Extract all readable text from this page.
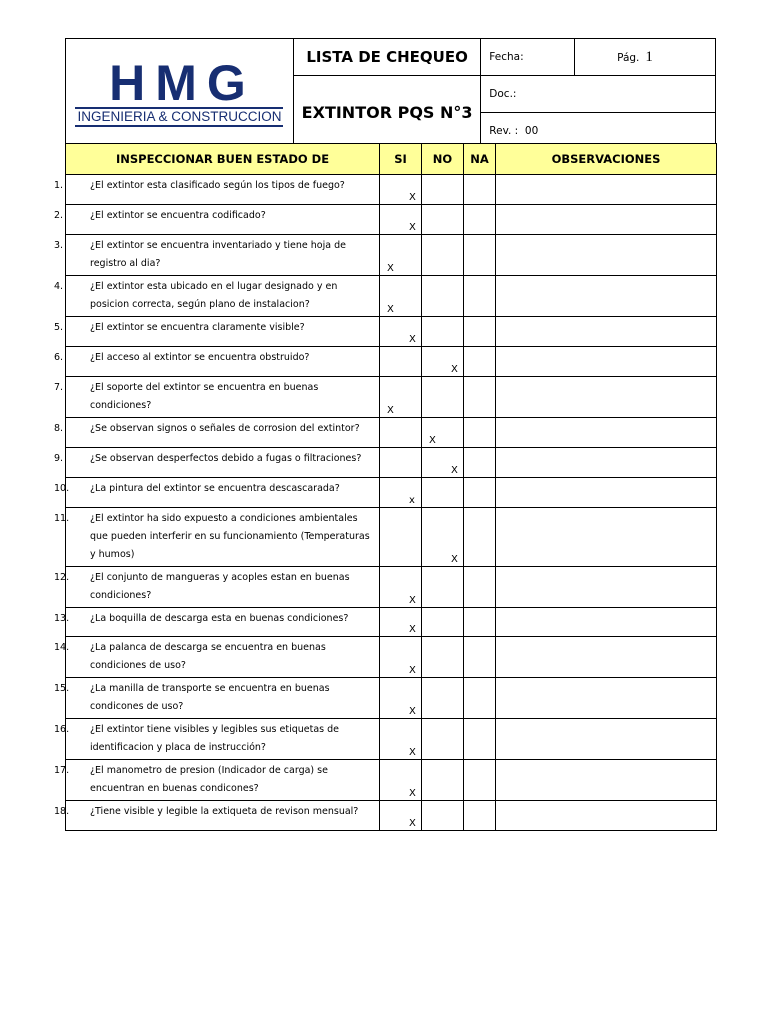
HMG
INGENIERIA & CONSTRUCCION	LISTA DE CHEQUEO	Fecha:	Pág. 1
	EXTINTOR PQS N°3	Doc.:	
		Rev. : 00	
INSPECCIONAR BUEN ESTADO DE	SI	NO	NA	OBSERVACIONES

1. ¿El extintor esta clasificado según los tipos de fuego?	X			

2. ¿El extintor se encuentra codificado?	X			

3. ¿El extintor se encuentra inventariado y tiene hoja de registro al dia?	X			

4. ¿El extintor esta ubicado en el lugar designado y en posicion correcta, según plano de instalacion?	X			

5. ¿El extintor se encuentra claramente visible?	X			

6. ¿El acceso al extintor se encuentra obstruido?		X		

7. ¿El soporte del extintor se encuentra en buenas condiciones?	X			

8. ¿Se observan signos o señales de corrosion del extintor?		X		

9. ¿Se observan desperfectos debido a fugas o filtraciones?		X		

10. ¿La pintura del extintor se encuentra descascarada?	x			

11. ¿El extintor ha sido expuesto a condiciones ambientales que pueden interferir en su funcionamiento (Temperaturas y humos)		X		

12. ¿El conjunto de mangueras y acoples estan en buenas condiciones?	X			

13. ¿La boquilla de descarga esta en buenas condiciones?	X			

14. ¿La palanca de descarga se encuentra en buenas condiciones de uso?	X			

15. ¿La manilla de transporte se encuentra en buenas condicones de uso?	X			

16. ¿El extintor tiene visibles y legibles sus etiquetas de identificacion y placa de instrucción?	X			

17. ¿El manometro de presion (Indicador de carga) se encuentran en buenas condicones?	X			

18. ¿Tiene visible y legible la extiqueta de revison mensual?	X			
